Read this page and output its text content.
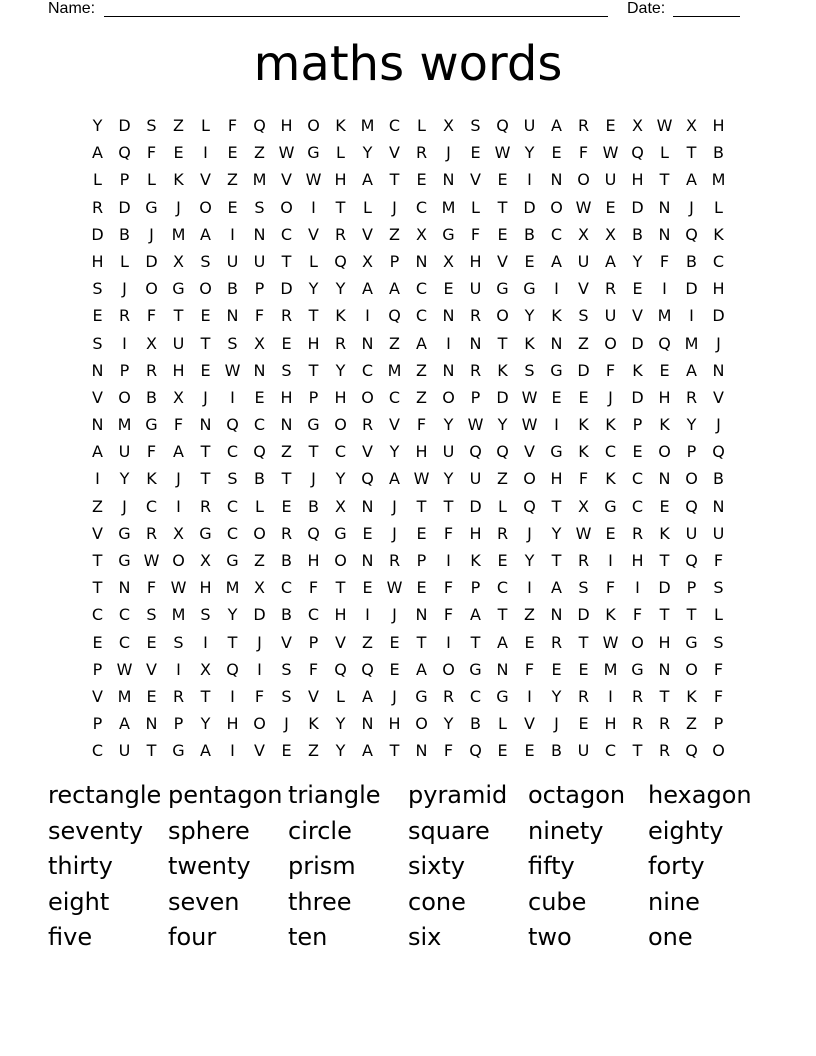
Name:	Date:
maths words
Y D S	Z	L	F	Q H O K M C	L	X	S Q U A R	E	X W X H
A Q	F	E	I	E	Z W G	L	Y	V R	J	E W Y	E	F W Q	L	T	B
L	P	L	K	V	Z M V W H A	T	E N V	E	I	N O U H	T	A M
R D G	J	O E	S O	I	T	L	J	C M L	T D O W E D N	J	L
D B	J	M A	I	N C V R V	Z	X G	F	E	B C X	X	B N Q K
H	L	D X	S	U U	T	L	Q X	P	N X H V	E	A U A	Y	F	B C
S	J	O G O B	P	D Y	Y	A	A C	E	U G G	I	V R	E	I	D H
E	R	F	T	E N	F	R	T	K	I	Q C N R O Y	K	S	U V M	I	D
S	I	X U	T	S	X	E H R N Z	A	I	N	T	K N Z O D Q M	J
N	P	R H E W N S	T	Y	C M Z N R	K	S G D	F	K	E	A N
V O B	X	J	I	E H	P	H O C Z O P	D W E	E	J	D H R V
N M G	F	N Q C N G O R V	F	Y W Y W	I	K	K	P	K	Y	J
A U	F	A	T	C Q Z	T	C V	Y	H U Q Q V G K	C	E O P Q
I	Y	K	J	T	S	B	T	J	Y Q A W Y	U Z O H	F	K	C N O B
Z	J	C	I	R C	L	E	B	X N	J	T	T D	L	Q T	X G C	E Q N
V G R X G C O R Q G E	J	E	F	H R	J	Y W E	R	K U U
T G W O X G Z	B H O N R	P	I	K	E	Y	T	R	I	H	T Q	F
T	N	F W H M X C	F	T	E W E	F	P	C	I	A	S	F	I	D	P	S
C C	S M S	Y D B C H	I	J	N	F	A	T	Z N D K	F	T	T	L
E	C	E	S	I	T	J	V	P	V	Z	E	T	I	T	A	E	R	T W O H G S
P W V	I	X Q	I	S	F	Q Q E	A O G N	F	E	E M G N O	F
V M E	R	T	I	F	S	V	L	A	J	G R C G	I	Y	R	I	R	T	K	F
P	A N	P	Y	H O	J	K	Y	N H O Y	B	L	V	J	E H R R Z	P
C U	T G A	I	V	E	Z	Y	A	T	N	F	Q E	E	B U C	T	R Q O
rectangle pentagon triangle	pyramid octagon hexagon
seventy	sphere	circle	square	ninety	eighty
thirty	twenty	prism	sixty	fifty	forty
eight	seven	three	cone	cube	nine
five	four	ten	six	two	one
